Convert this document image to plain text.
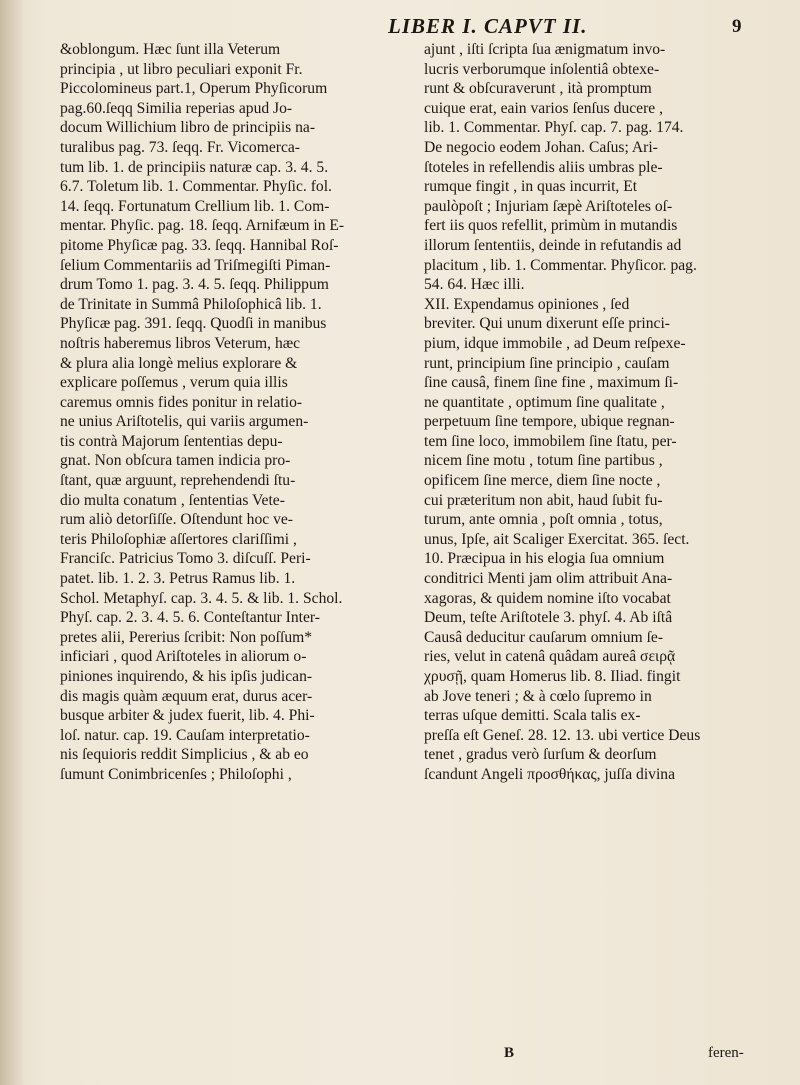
LIBER I. CAPVT II.	9
&oblongum. Hæc ſunt illa Veterum
principia , ut libro peculiari exponit Fr.
Piccolomineus part.1, Operum Phyſicorum
pag.60.ſeqq Similia reperias apud Jo-
docum Willichium libro de principiis na-
turalibus pag. 73. ſeqq. Fr. Vicomerca-
tum lib. 1. de principiis naturæ cap. 3. 4. 5.
6.7. Toletum lib. 1. Commentar. Phyſic. fol.
14. ſeqq. Fortunatum Crellium lib. 1. Com-
mentar. Phyſic. pag. 18. ſeqq. Arnifæum in E-
pitome Phyſicæ pag. 33. ſeqq. Hannibal Roſ-
ſelium Commentariis ad Triſmegiſti Piman-
drum Tomo 1. pag. 3. 4. 5. ſeqq. Philippum
de Trinitate in Summâ Philoſophicâ lib. 1.
Phyſicæ pag. 391. ſeqq. Quodſi in manibus
noſtris haberemus libros Veterum, hæc
& plura alia longè melius explorare &
explicare poſſemus , verum quia illis
caremus omnis fides ponitur in relatio-
ne unius Ariſtotelis, qui variis argumen-
tis contrà Majorum ſententias depu-
gnat. Non obſcura tamen indicia pro-
ſtant, quæ arguunt, reprehendendi ſtu-
dio multa conatum , ſententias Vete-
rum aliò detorſiſſe. Oſtendunt hoc ve-
teris Philoſophiæ aſſertores clariſſimi ,
Franciſc. Patricius Tomo 3. diſcuſſ. Peri-
patet. lib. 1. 2. 3. Petrus Ramus lib. 1.
Schol. Metaphyſ. cap. 3. 4. 5. & lib. 1. Schol.
Phyſ. cap. 2. 3. 4. 5. 6. Conteſtantur Inter-
pretes alii, Pererius ſcribit: Non poſſum*
inficiari , quod Ariſtoteles in aliorum o-
piniones inquirendo, & his ipſis judican-
dis magis quàm æquum erat, durus acer-
busque arbiter & judex fuerit, lib. 4. Phi-
loſ. natur. cap. 19. Cauſam interpretatio-
nis ſequioris reddit Simplicius , & ab eo
ſumunt Conimbricenſes ; Philoſophi ,
ajunt , iſti ſcripta ſua ænigmatum invo-
lucris verborumque inſolentiâ obtexe-
runt & obſcuraverunt , ità promptum
cuique erat, eain varios ſenſus ducere ,
lib. 1. Commentar. Phyſ. cap. 7. pag. 174.
De negocio eodem Johan. Caſus; Ari-
ſtoteles in refellendis aliis umbras ple-
rumque fingit , in quas incurrit, Et
paulòpoſt ; Injuriam ſæpè Ariſtoteles oſ-
fert iis quos refellit, primùm in mutandis
illorum ſententiis, deinde in refutandis ad
placitum , lib. 1. Commentar. Phyſicor. pag.
54. 64. Hæc illi.
XII. Expendamus opiniones , ſed
breviter. Qui unum dixerunt eſſe princi-
pium, idque immobile , ad Deum reſpexe-
runt, principium ſine principio , cauſam
ſine causâ, finem ſine fine , maximum ſi-
ne quantitate , optimum ſine qualitate ,
perpetuum ſine tempore, ubique regnan-
tem ſine loco, immobilem ſine ſtatu, per-
nicem ſine motu , totum ſine partibus ,
opificem ſine merce, diem ſine nocte ,
cui præteritum non abit, haud ſubit fu-
turum, ante omnia , poſt omnia , totus,
unus, Ipſe, ait Scaliger Exercitat. 365. ſect.
10. Præcipua in his elogia ſua omnium
conditrici Menti jam olim attribuit Ana-
xagoras, & quidem nomine iſto vocabat
Deum, teſte Ariſtotele 3. phyſ. 4. Ab iſtâ
Causâ deducitur cauſarum omnium ſe-
ries, velut in catenâ quâdam aureâ σειρᾷ
χρυσῇ, quam Homerus lib. 8. Iliad. fingit
ab Jove teneri ; & à cœlo ſupremo in
terras uſque demitti. Scala talis ex-
preſſa eſt Geneſ. 28. 12. 13. ubi vertice Deus
tenet , gradus verò ſurſum & deorſum
ſcandunt Angeli προσθήκας, juſſa divina
B	feren-
